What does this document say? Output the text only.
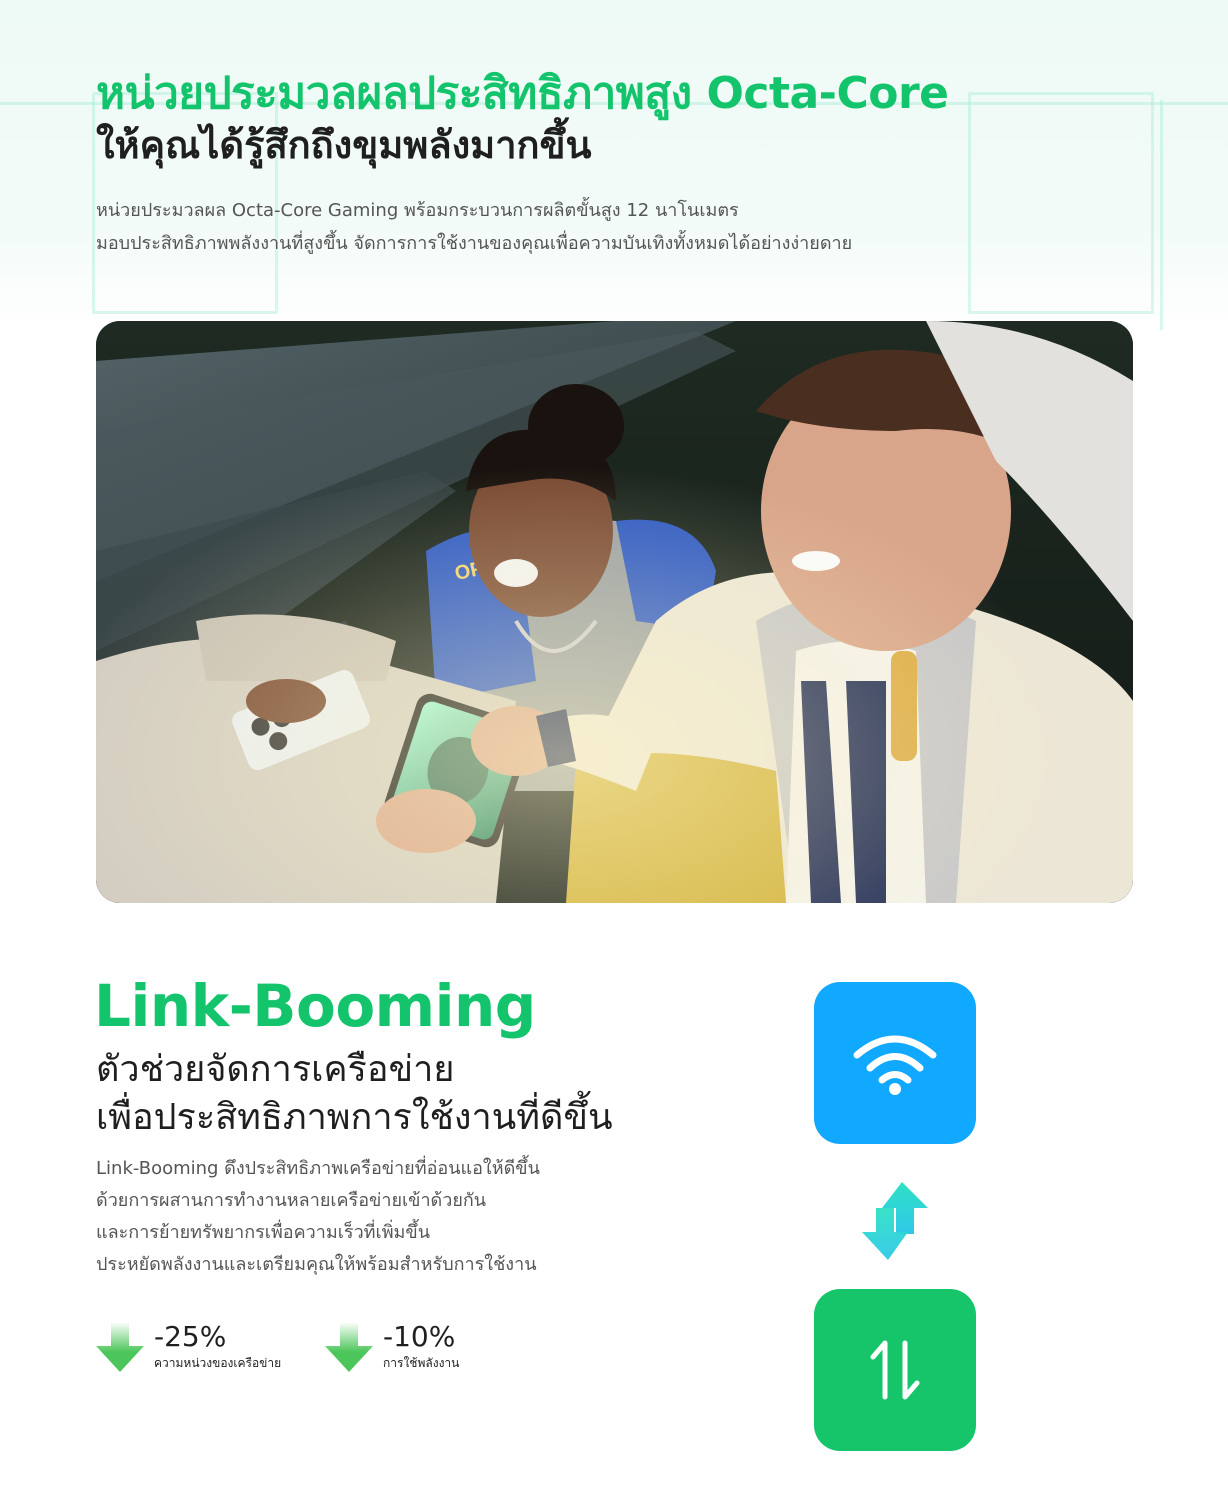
หน่วยประมวลผลประสิทธิภาพสูง Octa-Core
ให้คุณได้รู้สึกถึงขุมพลังมากขึ้น
หน่วยประมวลผล Octa-Core Gaming พร้อมกระบวนการผลิตขั้นสูง 12 นาโนเมตร
มอบประสิทธิภาพพลังงานที่สูงขึ้น จัดการการใช้งานของคุณเพื่อความบันเทิงทั้งหมดได้อย่างง่ายดาย
Link-Booming
ตัวช่วยจัดการเครือข่าย
เพื่อประสิทธิภาพการใช้งานที่ดีขึ้น
Link-Booming ดึงประสิทธิภาพเครือข่ายที่อ่อนแอให้ดีขึ้น
ด้วยการผสานการทำงานหลายเครือข่ายเข้าด้วยกัน
และการย้ายทรัพยากรเพื่อความเร็วที่เพิ่มขึ้น
ประหยัดพลังงานและเตรียมคุณให้พร้อมสำหรับการใช้งาน
-25%
ความหน่วงของเครือข่าย
-10%
การใช้พลังงาน
